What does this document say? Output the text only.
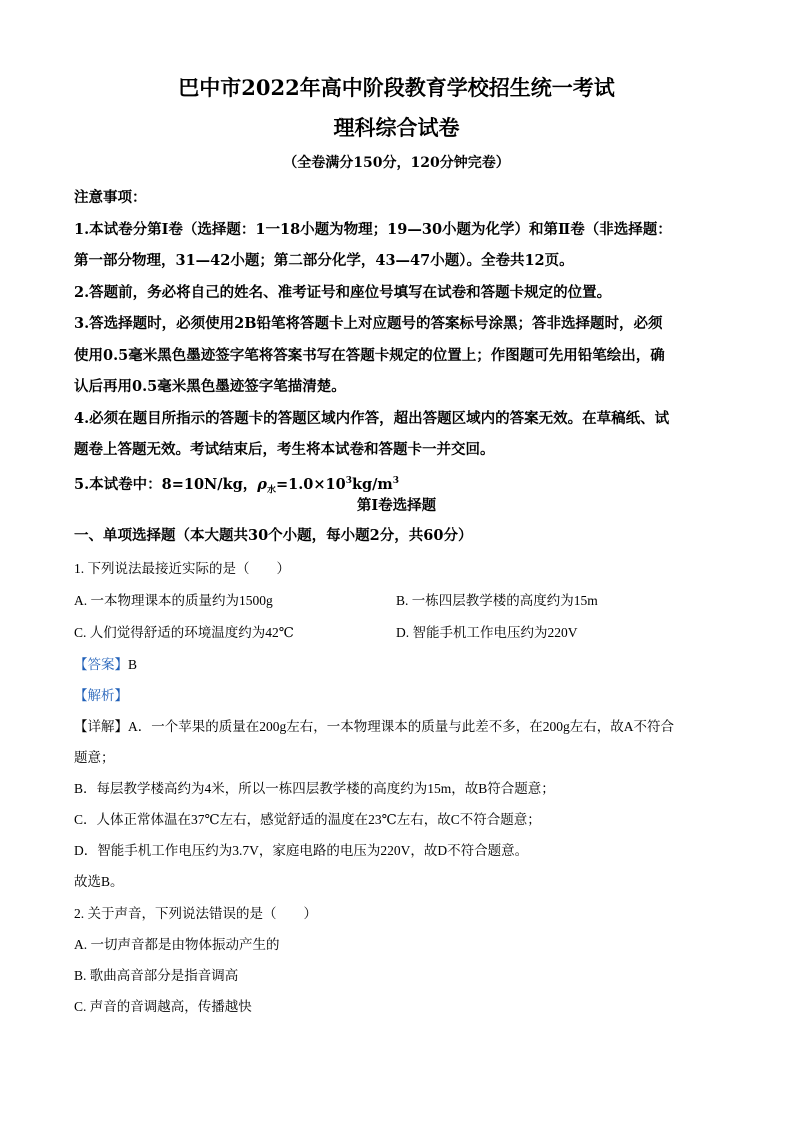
巴中市2022年高中阶段教育学校招生统一考试
理科综合试卷
（全卷满分150分，120分钟完卷）
注意事项：
1.本试卷分第Ⅰ卷（选择题：1一18小题为物理；19—30小题为化学）和第Ⅱ卷（非选择题：
第一部分物理，31—42小题；第二部分化学，43—47小题）。全卷共12页。
2.答题前，务必将自己的姓名、准考证号和座位号填写在试卷和答题卡规定的位置。
3.答选择题时，必须使用2B铅笔将答题卡上对应题号的答案标号涂黑；答非选择题时，必须
使用0.5毫米黑色墨迹签字笔将答案书写在答题卡规定的位置上；作图题可先用铅笔绘出，确
认后再用0.5毫米黑色墨迹签字笔描清楚。
4.必须在题目所指示的答题卡的答题区域内作答，超出答题区域内的答案无效。在草稿纸、试
题卷上答题无效。考试结束后，考生将本试卷和答题卡一并交回。
5.本试卷中：8=10N/kg，$\rho_水=1.0\times 10^3kg/m^3$
第Ⅰ卷选择题
一、单项选择题（本大题共30个小题，每小题2分，共60分）
1. 下列说法最接近实际的是（　　）
A. 一本物理课本的质量约为1500g	B. 一栋四层教学楼的高度约为15m
C. 人们觉得舒适的环境温度约为42℃	D. 智能手机工作电压约为220V
【答案】B
【解析】
【详解】A．一个苹果的质量在200g左右，一本物理课本的质量与此差不多，在200g左右，故A不符合
题意；
B．每层教学楼高约为4米，所以一栋四层教学楼的高度约为15m，故B符合题意；
C．人体正常体温在37℃左右，感觉舒适的温度在23℃左右，故C不符合题意；
D．智能手机工作电压约为3.7V，家庭电路的电压为220V，故D不符合题意。
故选B。
2. 关于声音，下列说法错误的是（　　）
A. 一切声音都是由物体振动产生的
B. 歌曲高音部分是指音调高
C. 声音的音调越高，传播越快
